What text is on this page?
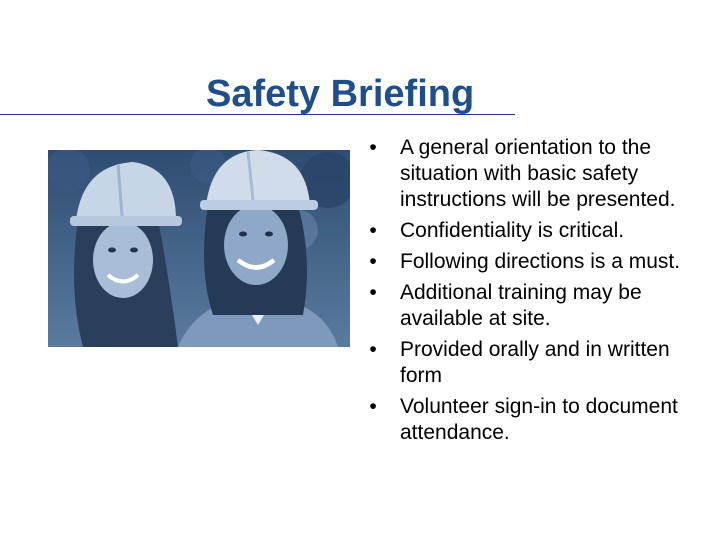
Safety Briefing
• A general orientation to the situation with basic safety instructions will be presented.
• Confidentiality is critical.
• Following directions is a must.
• Additional training may be available at site.
• Provided orally and in written form
• Volunteer sign-in to document attendance.
